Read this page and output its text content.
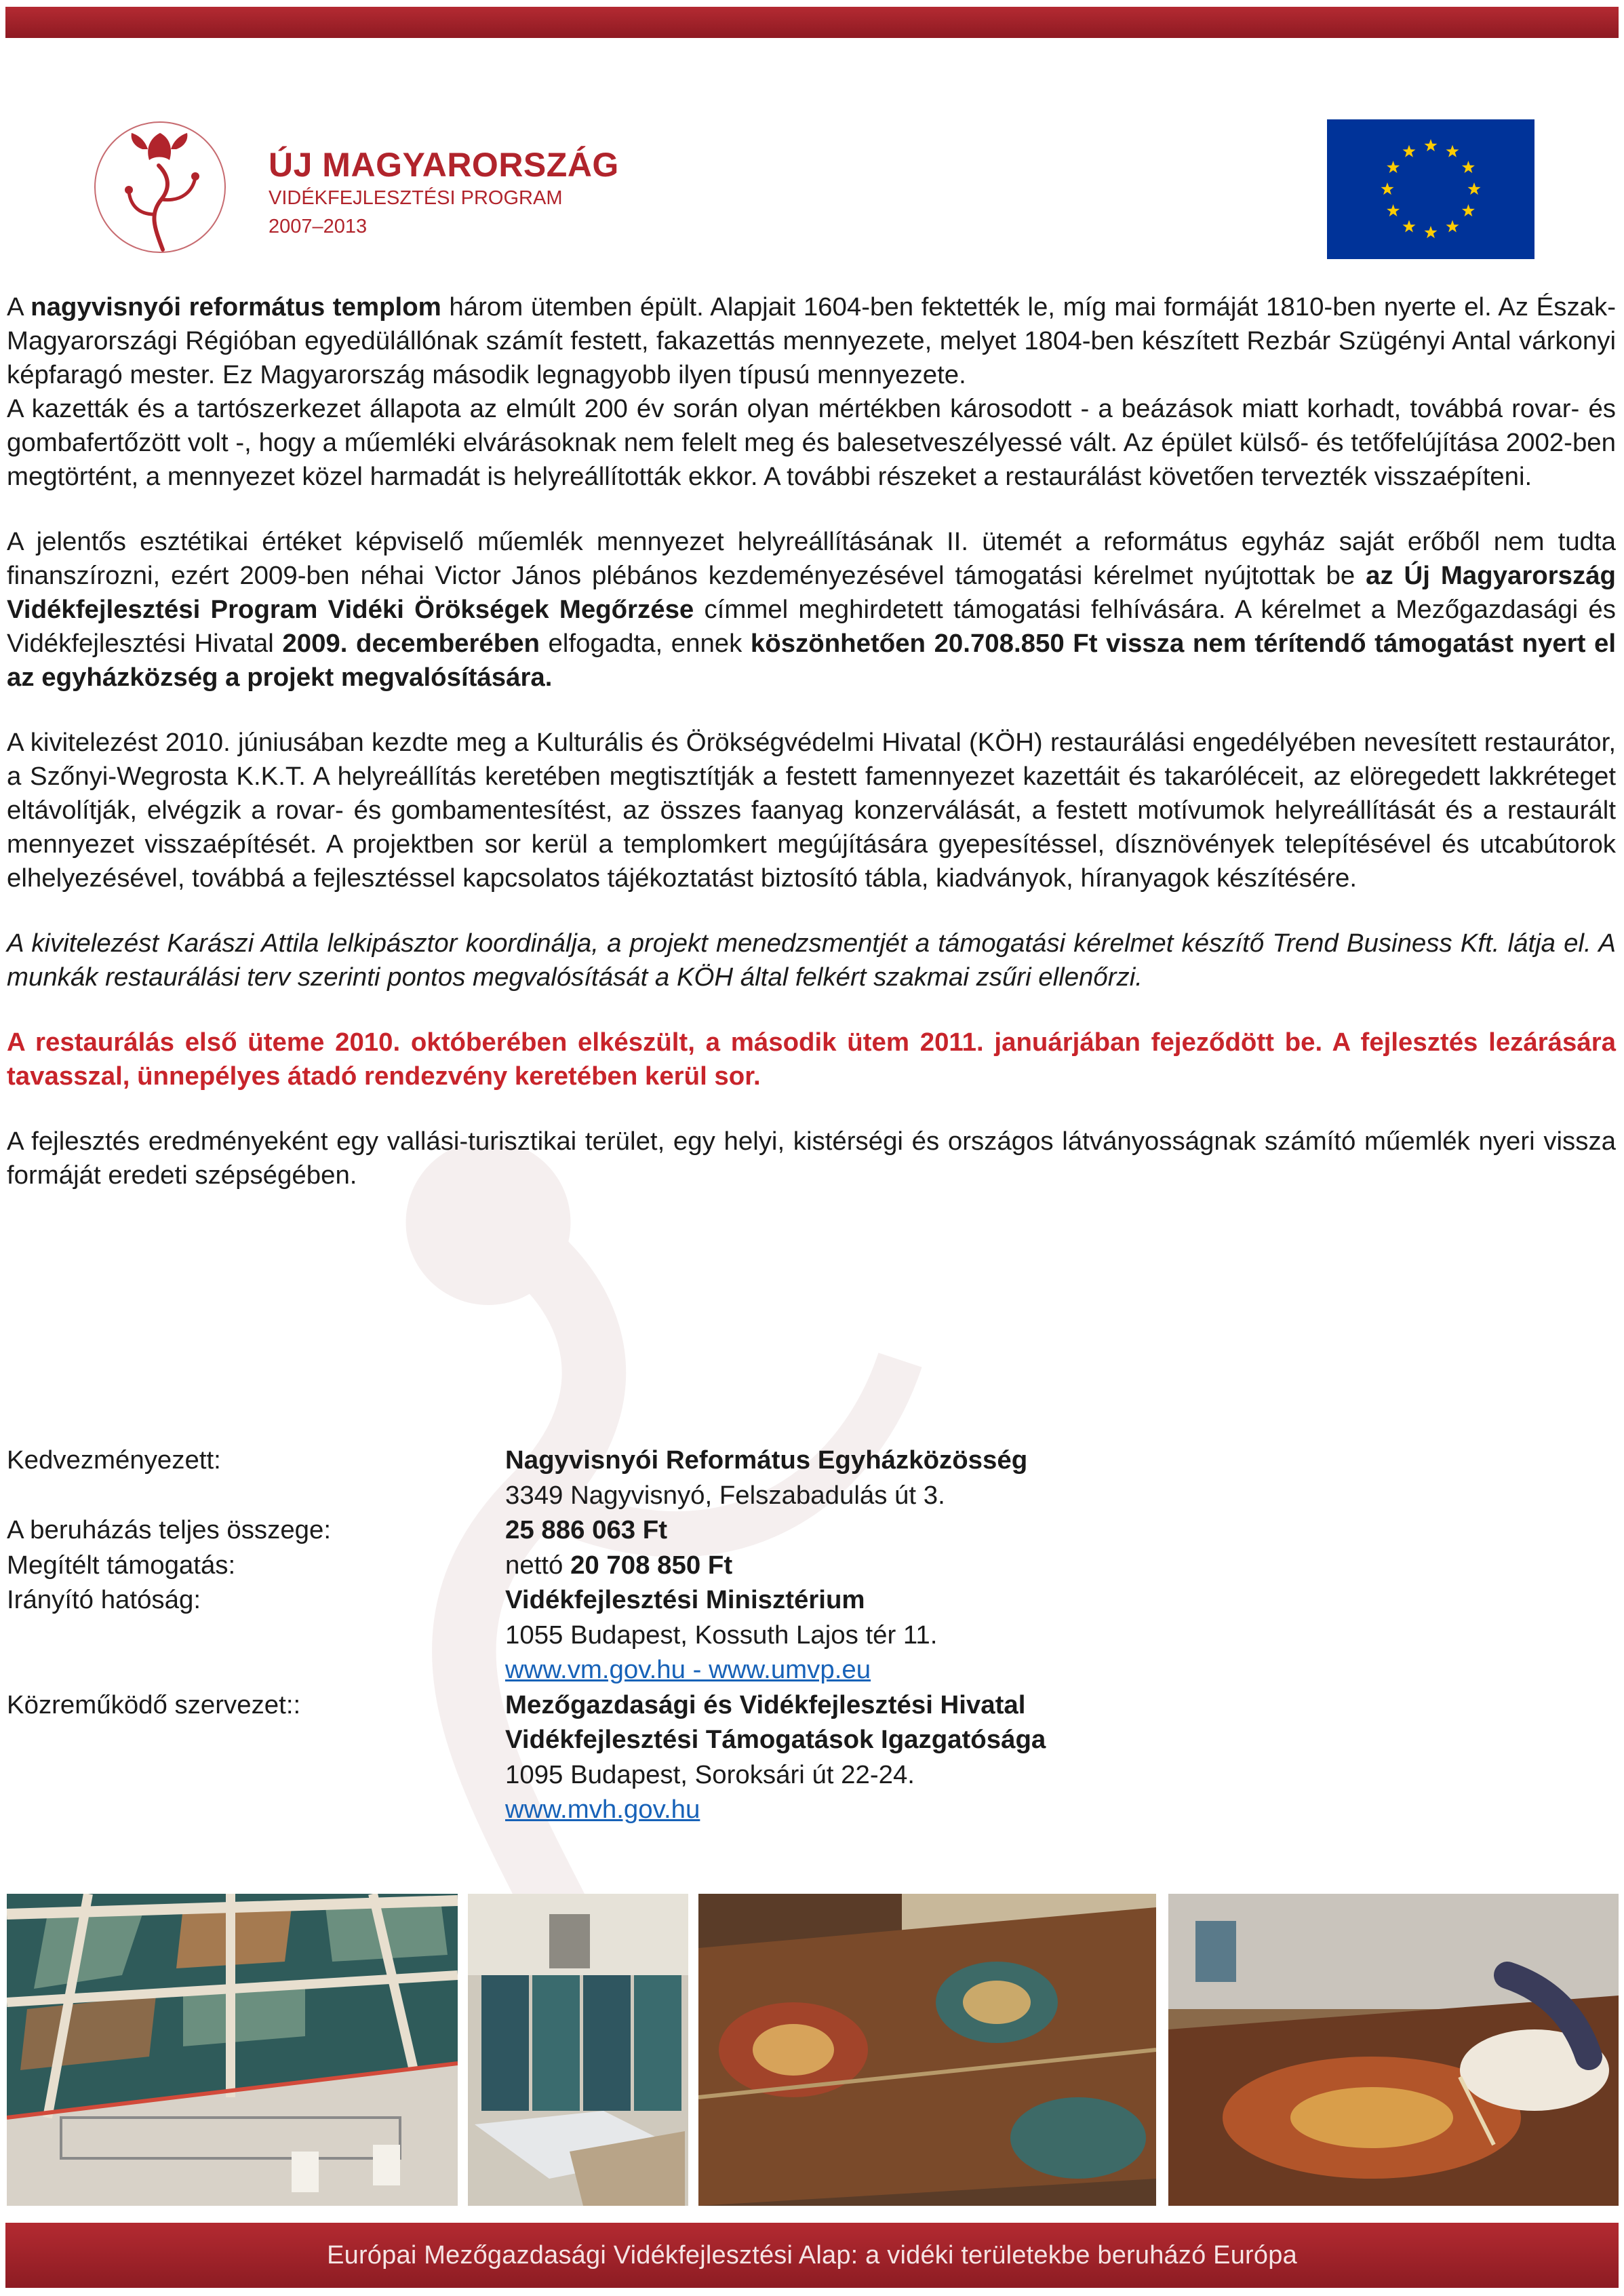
ÚJ MAGYARORSZÁG
VIDÉKFEJLESZTÉSI PROGRAM
2007–2013

A nagyvisnyói református templom három ütemben épült. Alapjait 1604-ben fektették le, míg mai formáját 1810-ben nyerte el. Az Észak-Magyarországi Régióban egyedülállónak számít festett, fakazettás mennyezete, melyet 1804-ben készített Rezbár Szügényi Antal várkonyi képfaragó mester. Ez Magyarország második legnagyobb ilyen típusú mennyezete.

A kazetták és a tartószerkezet állapota az elmúlt 200 év során olyan mértékben károsodott - a beázások miatt korhadt, továbbá rovar- és gombafertőzött volt -, hogy a műemléki elvárásoknak nem felelt meg és balesetveszélyessé vált. Az épület külső- és tetőfelújítása 2002-ben megtörtént, a mennyezet közel harmadát is helyreállították ekkor. A további részeket a restaurálást követően tervezték visszaépíteni.

A jelentős esztétikai értéket képviselő műemlék mennyezet helyreállításának II. ütemét a református egyház saját erőből nem tudta finanszírozni, ezért 2009-ben néhai Victor János plébános kezdeményezésével támogatási kérelmet nyújtottak be az Új Magyarország Vidékfejlesztési Program Vidéki Örökségek Megőrzése címmel meghirdetett támogatási felhívására. A kérelmet a Mezőgazdasági és Vidékfejlesztési Hivatal 2009. decemberében elfogadta, ennek köszönhetően 20.708.850 Ft vissza nem térítendő támogatást nyert el az egyházközség a projekt megvalósítására.

A kivitelezést 2010. júniusában kezdte meg a Kulturális és Örökségvédelmi Hivatal (KÖH) restaurálási engedélyében nevesített restaurátor, a Szőnyi-Wegrosta K.K.T. A helyreállítás keretében megtisztítják a festett famennyezet kazettáit és takaróléceit, az elöregedett lakkréteget eltávolítják, elvégzik a rovar- és gombamentesítést, az összes faanyag konzerválását, a festett motívumok helyreállítását és a restaurált mennyezet visszaépítését. A projektben sor kerül a templomkert megújítására gyepesítéssel, dísznövények telepítésével és utcabútorok elhelyezésével, továbbá a fejlesztéssel kapcsolatos tájékoztatást biztosító tábla, kiadványok, híranyagok készítésére.

A kivitelezést Karászi Attila lelkipásztor koordinálja, a projekt menedzsmentjét a támogatási kérelmet készítő Trend Business Kft. látja el. A munkák restaurálási terv szerinti pontos megvalósítását a KÖH által felkért szakmai zsűri ellenőrzi.

A restaurálás első üteme 2010. októberében elkészült, a második ütem 2011. januárjában fejeződött be. A fejlesztés lezárására tavasszal, ünnepélyes átadó rendezvény keretében kerül sor.

A fejlesztés eredményeként egy vallási-turisztikai terület, egy helyi, kistérségi és országos látványosságnak számító műemlék nyeri vissza formáját eredeti szépségében.

Kedvezményezett:	Nagyvisnyói Református Egyházközösség
3349 Nagyvisnyó, Felszabadulás út 3.
A beruházás teljes összege:	25 886 063 Ft
Megítélt támogatás:	nettó 20 708 850 Ft
Irányító hatóság:	Vidékfejlesztési Minisztérium
1055 Budapest, Kossuth Lajos tér 11.
www.vm.gov.hu - www.umvp.eu
Közreműködő szervezet::	Mezőgazdasági és Vidékfejlesztési Hivatal
Vidékfejlesztési Támogatások Igazgatósága
1095 Budapest, Soroksári út 22-24.
www.mvh.gov.hu
Európai Mezőgazdasági Vidékfejlesztési Alap: a vidéki területekbe beruházó Európa
